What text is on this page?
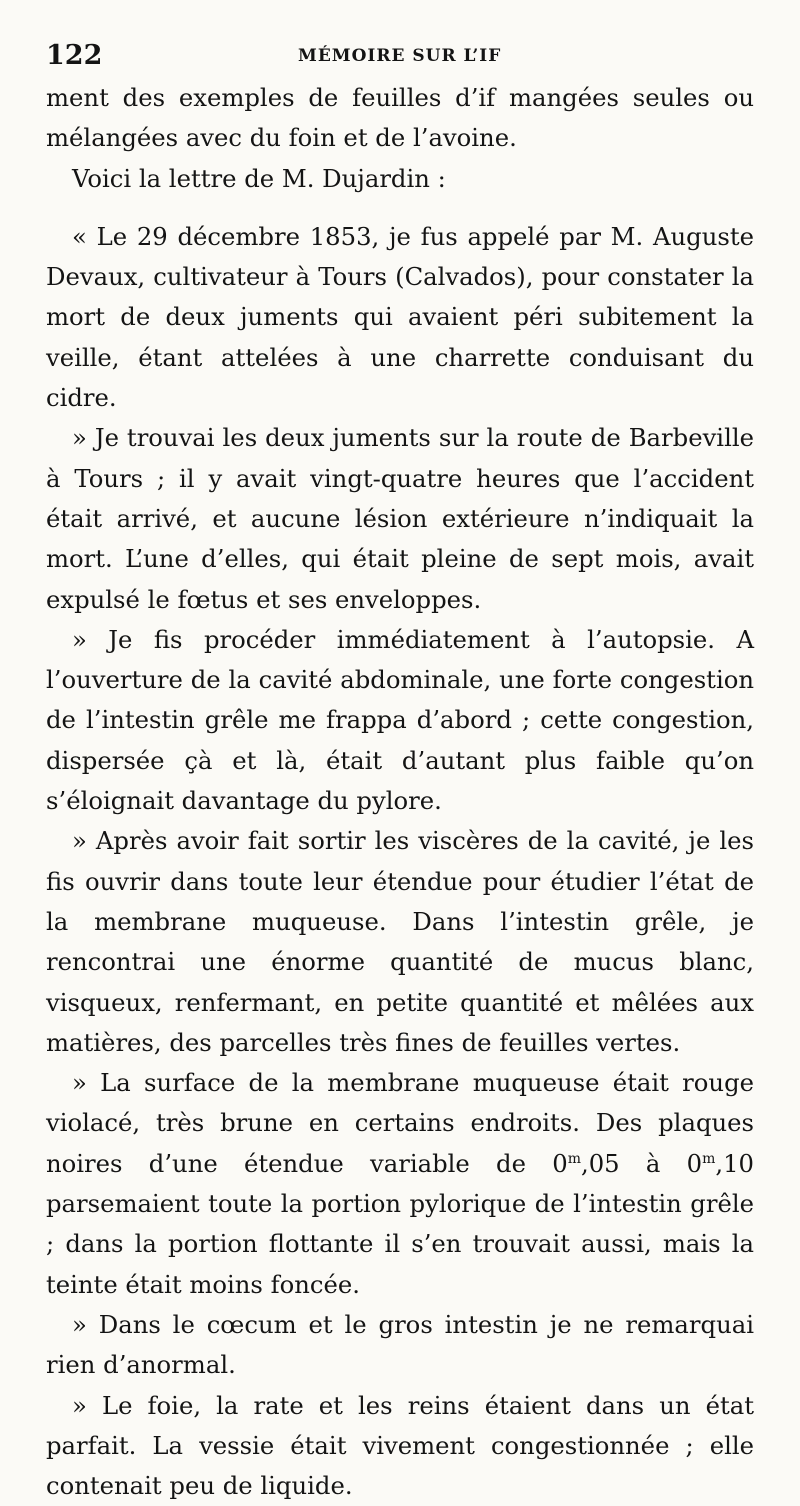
122	MÉMOIRE SUR L’IF

ment des exemples de feuilles d’if mangées seules ou mélangées avec du foin et de l’avoine.

Voici la lettre de M. Dujardin :

« Le 29 décembre 1853, je fus appelé par M. Auguste Devaux, cultivateur à Tours (Calvados), pour constater la mort de deux juments qui avaient péri subitement la veille, étant attelées à une charrette conduisant du cidre.

» Je trouvai les deux juments sur la route de Barbeville à Tours ; il y avait vingt-quatre heures que l’accident était arrivé, et aucune lésion extérieure n’indiquait la mort. L’une d’elles, qui était pleine de sept mois, avait expulsé le fœtus et ses enveloppes.

» Je fis procéder immédiatement à l’autopsie. A l’ouverture de la cavité abdominale, une forte congestion de l’intestin grêle me frappa d’abord ; cette congestion, dispersée çà et là, était d’autant plus faible qu’on s’éloignait davantage du pylore.

» Après avoir fait sortir les viscères de la cavité, je les fis ouvrir dans toute leur étendue pour étudier l’état de la membrane muqueuse. Dans l’intestin grêle, je rencontrai une énorme quantité de mucus blanc, visqueux, renfermant, en petite quantité et mêlées aux matières, des parcelles très fines de feuilles vertes.

» La surface de la membrane muqueuse était rouge violacé, très brune en certains endroits. Des plaques noires d’une étendue variable de 0$^m$,05 à 0$^m$,10 parsemaient toute la portion pylorique de l’intestin grêle ; dans la portion flottante il s’en trouvait aussi, mais la teinte était moins foncée.

» Dans le cœcum et le gros intestin je ne remarquai rien d’anormal.

» Le foie, la rate et les reins étaient dans un état parfait. La vessie était vivement congestionnée ; elle contenait peu de liquide.
